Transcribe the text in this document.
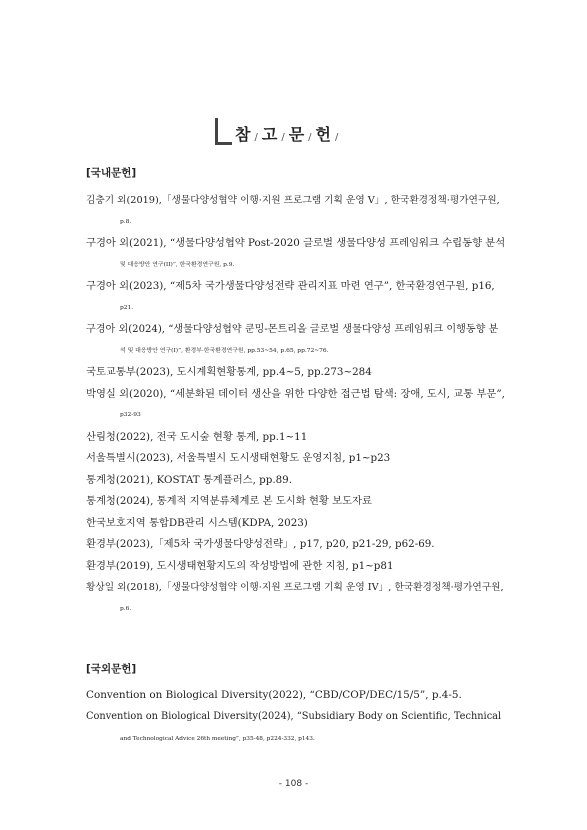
참 / 고 / 문 / 헌 /
[국내문헌]
김충기 외(2019),「생물다양성협약 이행·지원 프로그램 기획 운영 V」, 한국환경정책·평가연구원,
p.8.
구경아 외(2021), “생물다양성협약 Post-2020 글로벌 생물다양성 프레임워크 수립동향 분석
및 대응방안 연구(II)”, 한국환경연구원, p.9.
구경아 외(2023), “제5차 국가생물다양성전략 관리지표 마련 연구”, 한국환경연구원, p16,
p21.
구경아 외(2024), “생물다양성협약 쿤밍-몬트리올 글로벌 생물다양성 프레임워크 이행동향 분
석 및 대응방안 연구(I)”, 환경부·한국환경연구원, pp.53~54, p.65, pp.72~76.
국토교통부(2023), 도시계획현황통계, pp.4~5, pp.273~284
박영실 외(2020), “세분화된 데이터 생산을 위한 다양한 접근법 탐색: 장애, 도시, 교통 부문”,
p32-93
산림청(2022), 전국 도시숲 현황 통계, pp.1~11
서울특별시(2023), 서울특별시 도시생태현황도 운영지침, p1~p23
통계청(2021), KOSTAT 통계플러스, pp.89.
통계청(2024), 통계적 지역분류체계로 본 도시화 현황 보도자료
한국보호지역 통합DB관리 시스템(KDPA, 2023)
환경부(2023),「제5차 국가생물다양성전략」, p17, p20, p21-29, p62-69.
환경부(2019), 도시생태현황지도의 작성방법에 관한 지침, p1~p81
황상일 외(2018),「생물다양성협약 이행·지원 프로그램 기획 운영 IV」, 한국환경정책·평가연구원,
p.6.
[국외문헌]
Convention on Biological Diversity(2022), “CBD/COP/DEC/15/5”, p.4-5.
Convention on Biological Diversity(2024), “Subsidiary Body on Scientific, Technical
and Technological Advice 26th meeting”, p35-48, p224-332, p143.
- 108 -
